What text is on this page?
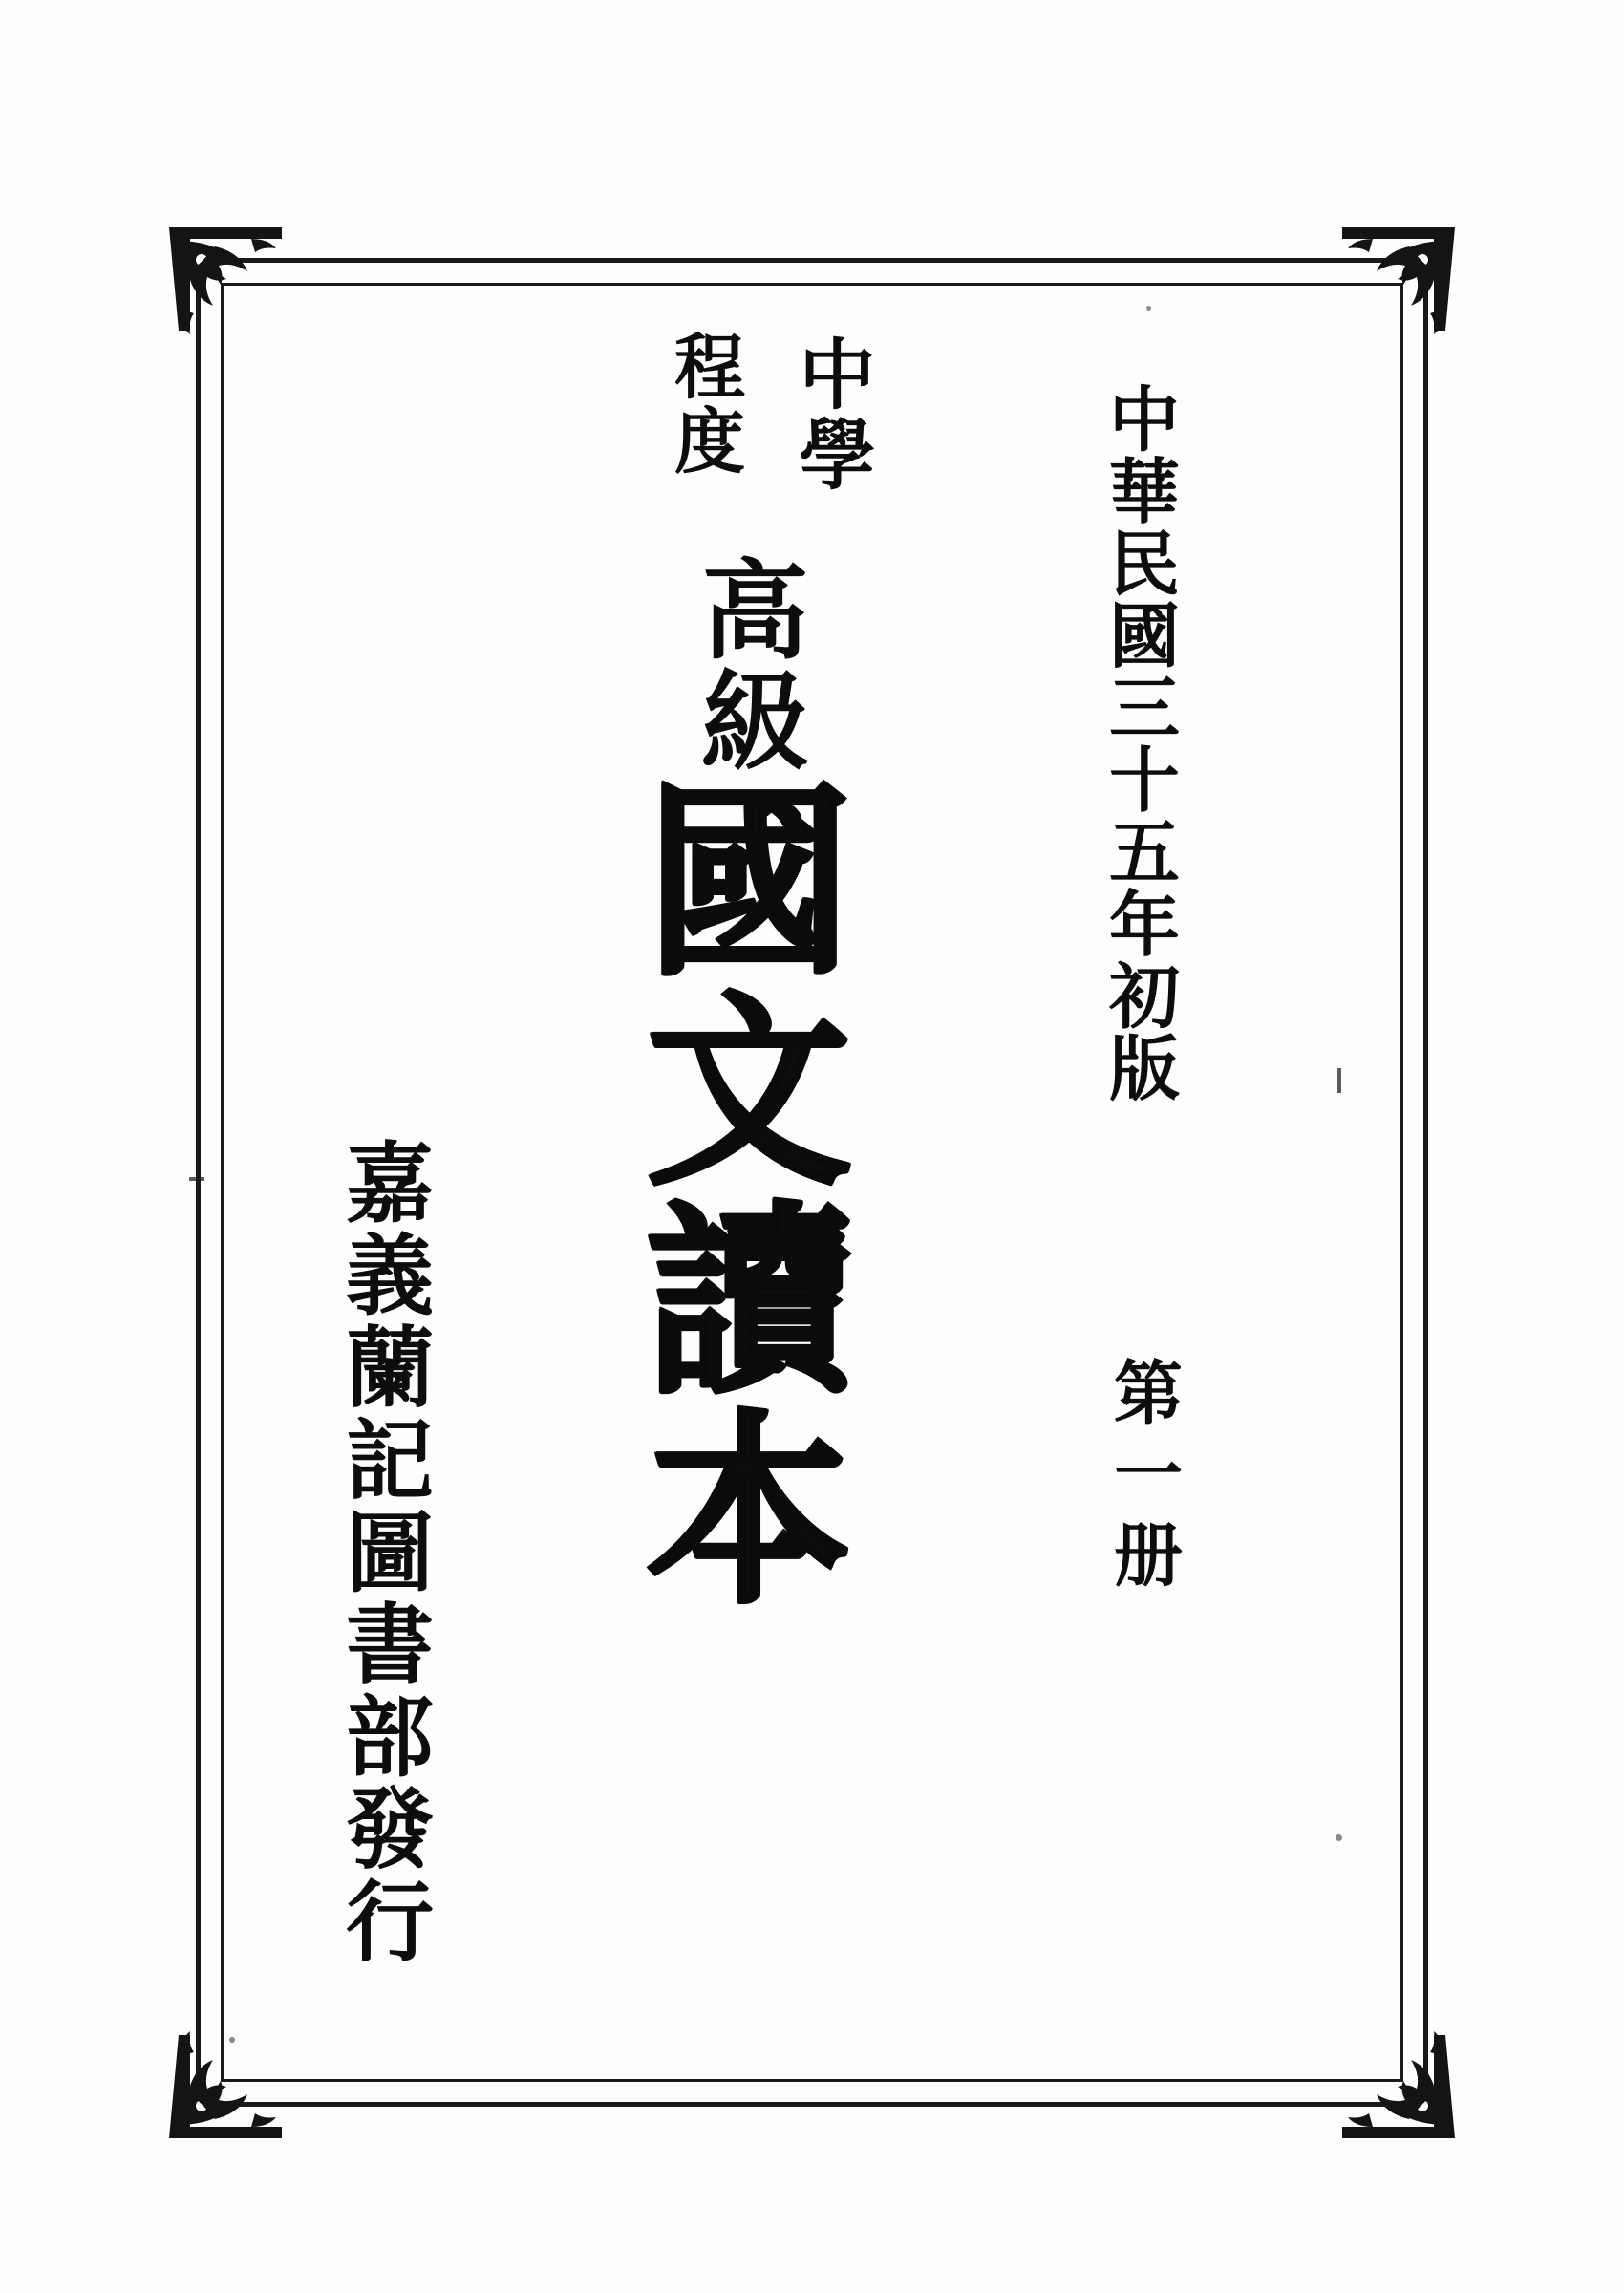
中華民國三十五年初版
第一册
中學
程度
高級
國文讀本
嘉義蘭記圖書部發行
